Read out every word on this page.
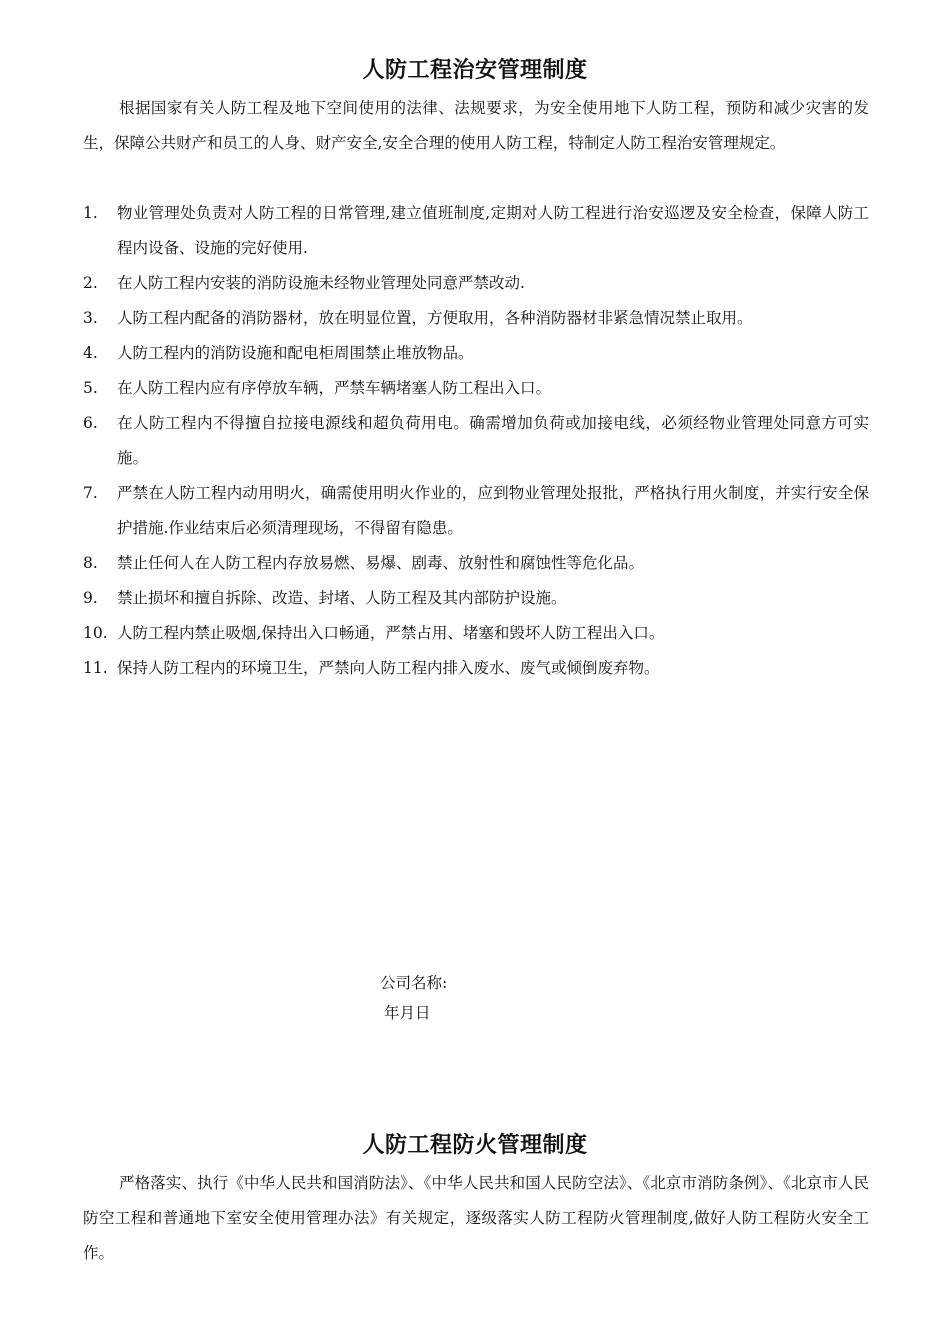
人防工程治安管理制度

根据国家有关人防工程及地下空间使用的法律、法规要求，为安全使用地下人防工程，预防和减少灾害的发生，保障公共财产和员工的人身、财产安全,安全合理的使用人防工程，特制定人防工程治安管理规定。

1.	物业管理处负责对人防工程的日常管理,建立值班制度,定期对人防工程进行治安巡逻及安全检查，保障人防工程内设备、设施的完好使用.
2.	在人防工程内安装的消防设施未经物业管理处同意严禁改动.
3.	人防工程内配备的消防器材，放在明显位置，方便取用，各种消防器材非紧急情况禁止取用。
4.	人防工程内的消防设施和配电柜周围禁止堆放物品。
5.	在人防工程内应有序停放车辆，严禁车辆堵塞人防工程出入口。
6.	在人防工程内不得擅自拉接电源线和超负荷用电。确需增加负荷或加接电线，必须经物业管理处同意方可实施。
7.	严禁在人防工程内动用明火，确需使用明火作业的，应到物业管理处报批，严格执行用火制度，并实行安全保护措施.作业结束后必须清理现场，不得留有隐患。
8.	禁止任何人在人防工程内存放易燃、易爆、剧毒、放射性和腐蚀性等危化品。
9.	禁止损坏和擅自拆除、改造、封堵、人防工程及其内部防护设施。
10. 人防工程内禁止吸烟,保持出入口畅通，严禁占用、堵塞和毁坏人防工程出入口。
11. 保持人防工程内的环境卫生，严禁向人防工程内排入废水、废气或倾倒废弃物。

公司名称:

年月日

人防工程防火管理制度

严格落实、执行《中华人民共和国消防法》、《中华人民共和国人民防空法》、《北京市消防条例》、《北京市人民防空工程和普通地下室安全使用管理办法》有关规定，逐级落实人防工程防火管理制度,做好人防工程防火安全工作。
